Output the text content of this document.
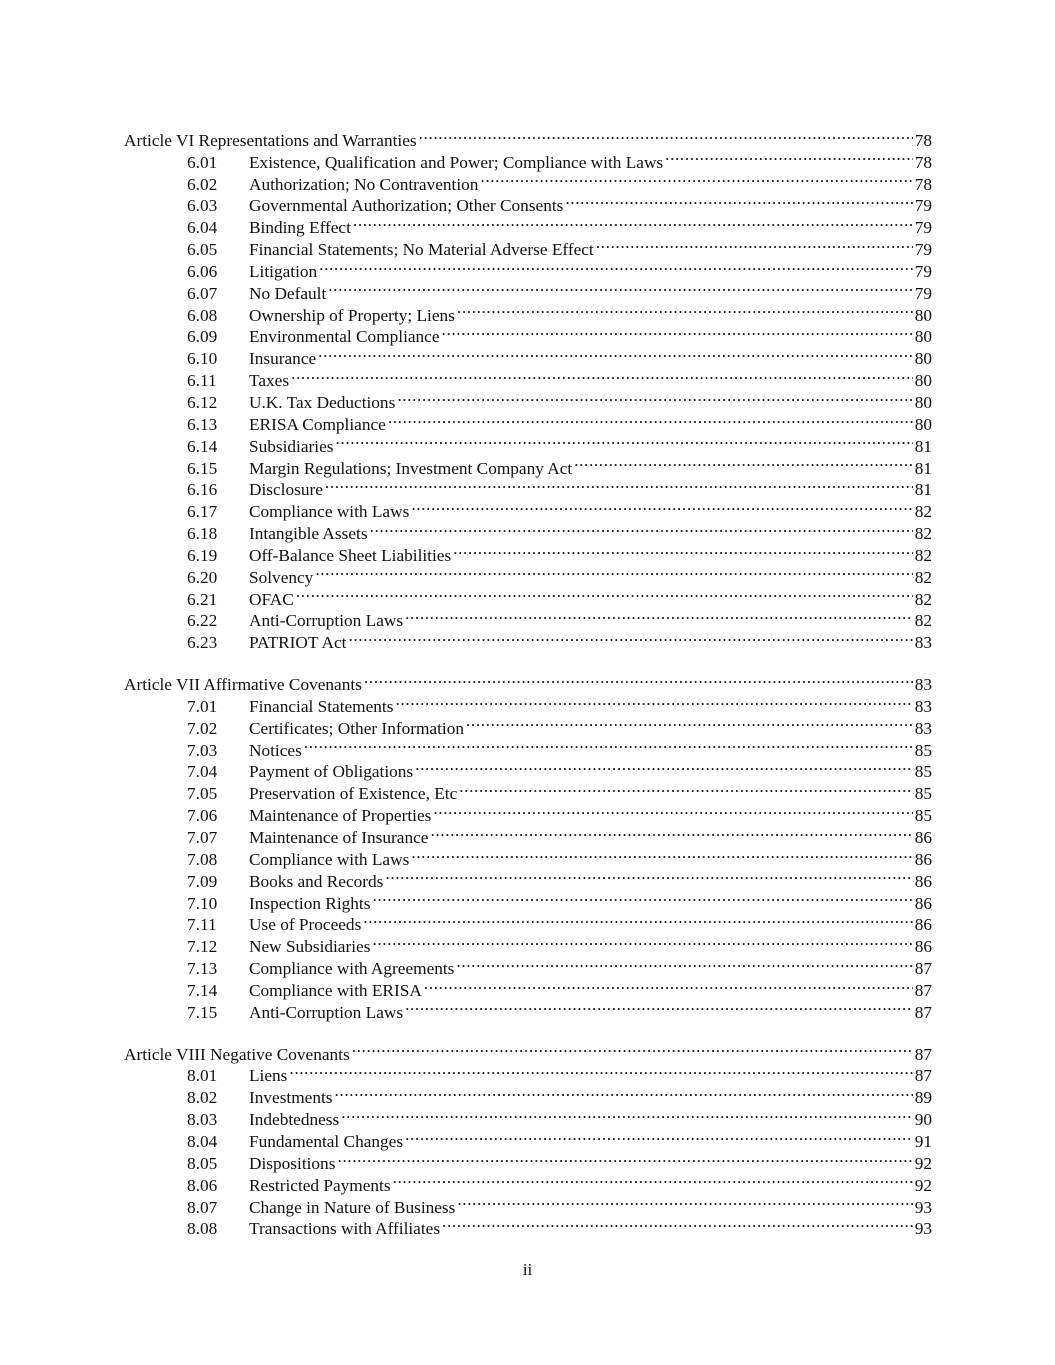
Article VI Representations and Warranties .....	78
6.01	Existence, Qualification and Power; Compliance with Laws .....	78
6.02	Authorization; No Contravention .....	78
6.03	Governmental Authorization; Other Consents .....	79
6.04	Binding Effect .....	79
6.05	Financial Statements; No Material Adverse Effect .....	79
6.06	Litigation .....	79
6.07	No Default .....	79
6.08	Ownership of Property; Liens .....	80
6.09	Environmental Compliance .....	80
6.10	Insurance .....	80
6.11	Taxes .....	80
6.12	U.K. Tax Deductions .....	80
6.13	ERISA Compliance .....	80
6.14	Subsidiaries .....	81
6.15	Margin Regulations; Investment Company Act .....	81
6.16	Disclosure .....	81
6.17	Compliance with Laws .....	82
6.18	Intangible Assets .....	82
6.19	Off-Balance Sheet Liabilities .....	82
6.20	Solvency .....	82
6.21	OFAC .....	82
6.22	Anti-Corruption Laws .....	82
6.23	PATRIOT Act .....	83
Article VII Affirmative Covenants .....	83
7.01	Financial Statements .....	83
7.02	Certificates; Other Information .....	83
7.03	Notices .....	85
7.04	Payment of Obligations .....	85
7.05	Preservation of Existence, Etc .....	85
7.06	Maintenance of Properties .....	85
7.07	Maintenance of Insurance .....	86
7.08	Compliance with Laws .....	86
7.09	Books and Records .....	86
7.10	Inspection Rights .....	86
7.11	Use of Proceeds .....	86
7.12	New Subsidiaries .....	86
7.13	Compliance with Agreements .....	87
7.14	Compliance with ERISA .....	87
7.15	Anti-Corruption Laws .....	87
Article VIII Negative Covenants .....	87
8.01	Liens .....	87
8.02	Investments .....	89
8.03	Indebtedness .....	90
8.04	Fundamental Changes .....	91
8.05	Dispositions .....	92
8.06	Restricted Payments .....	92
8.07	Change in Nature of Business .....	93
8.08	Transactions with Affiliates .....	93
ii
